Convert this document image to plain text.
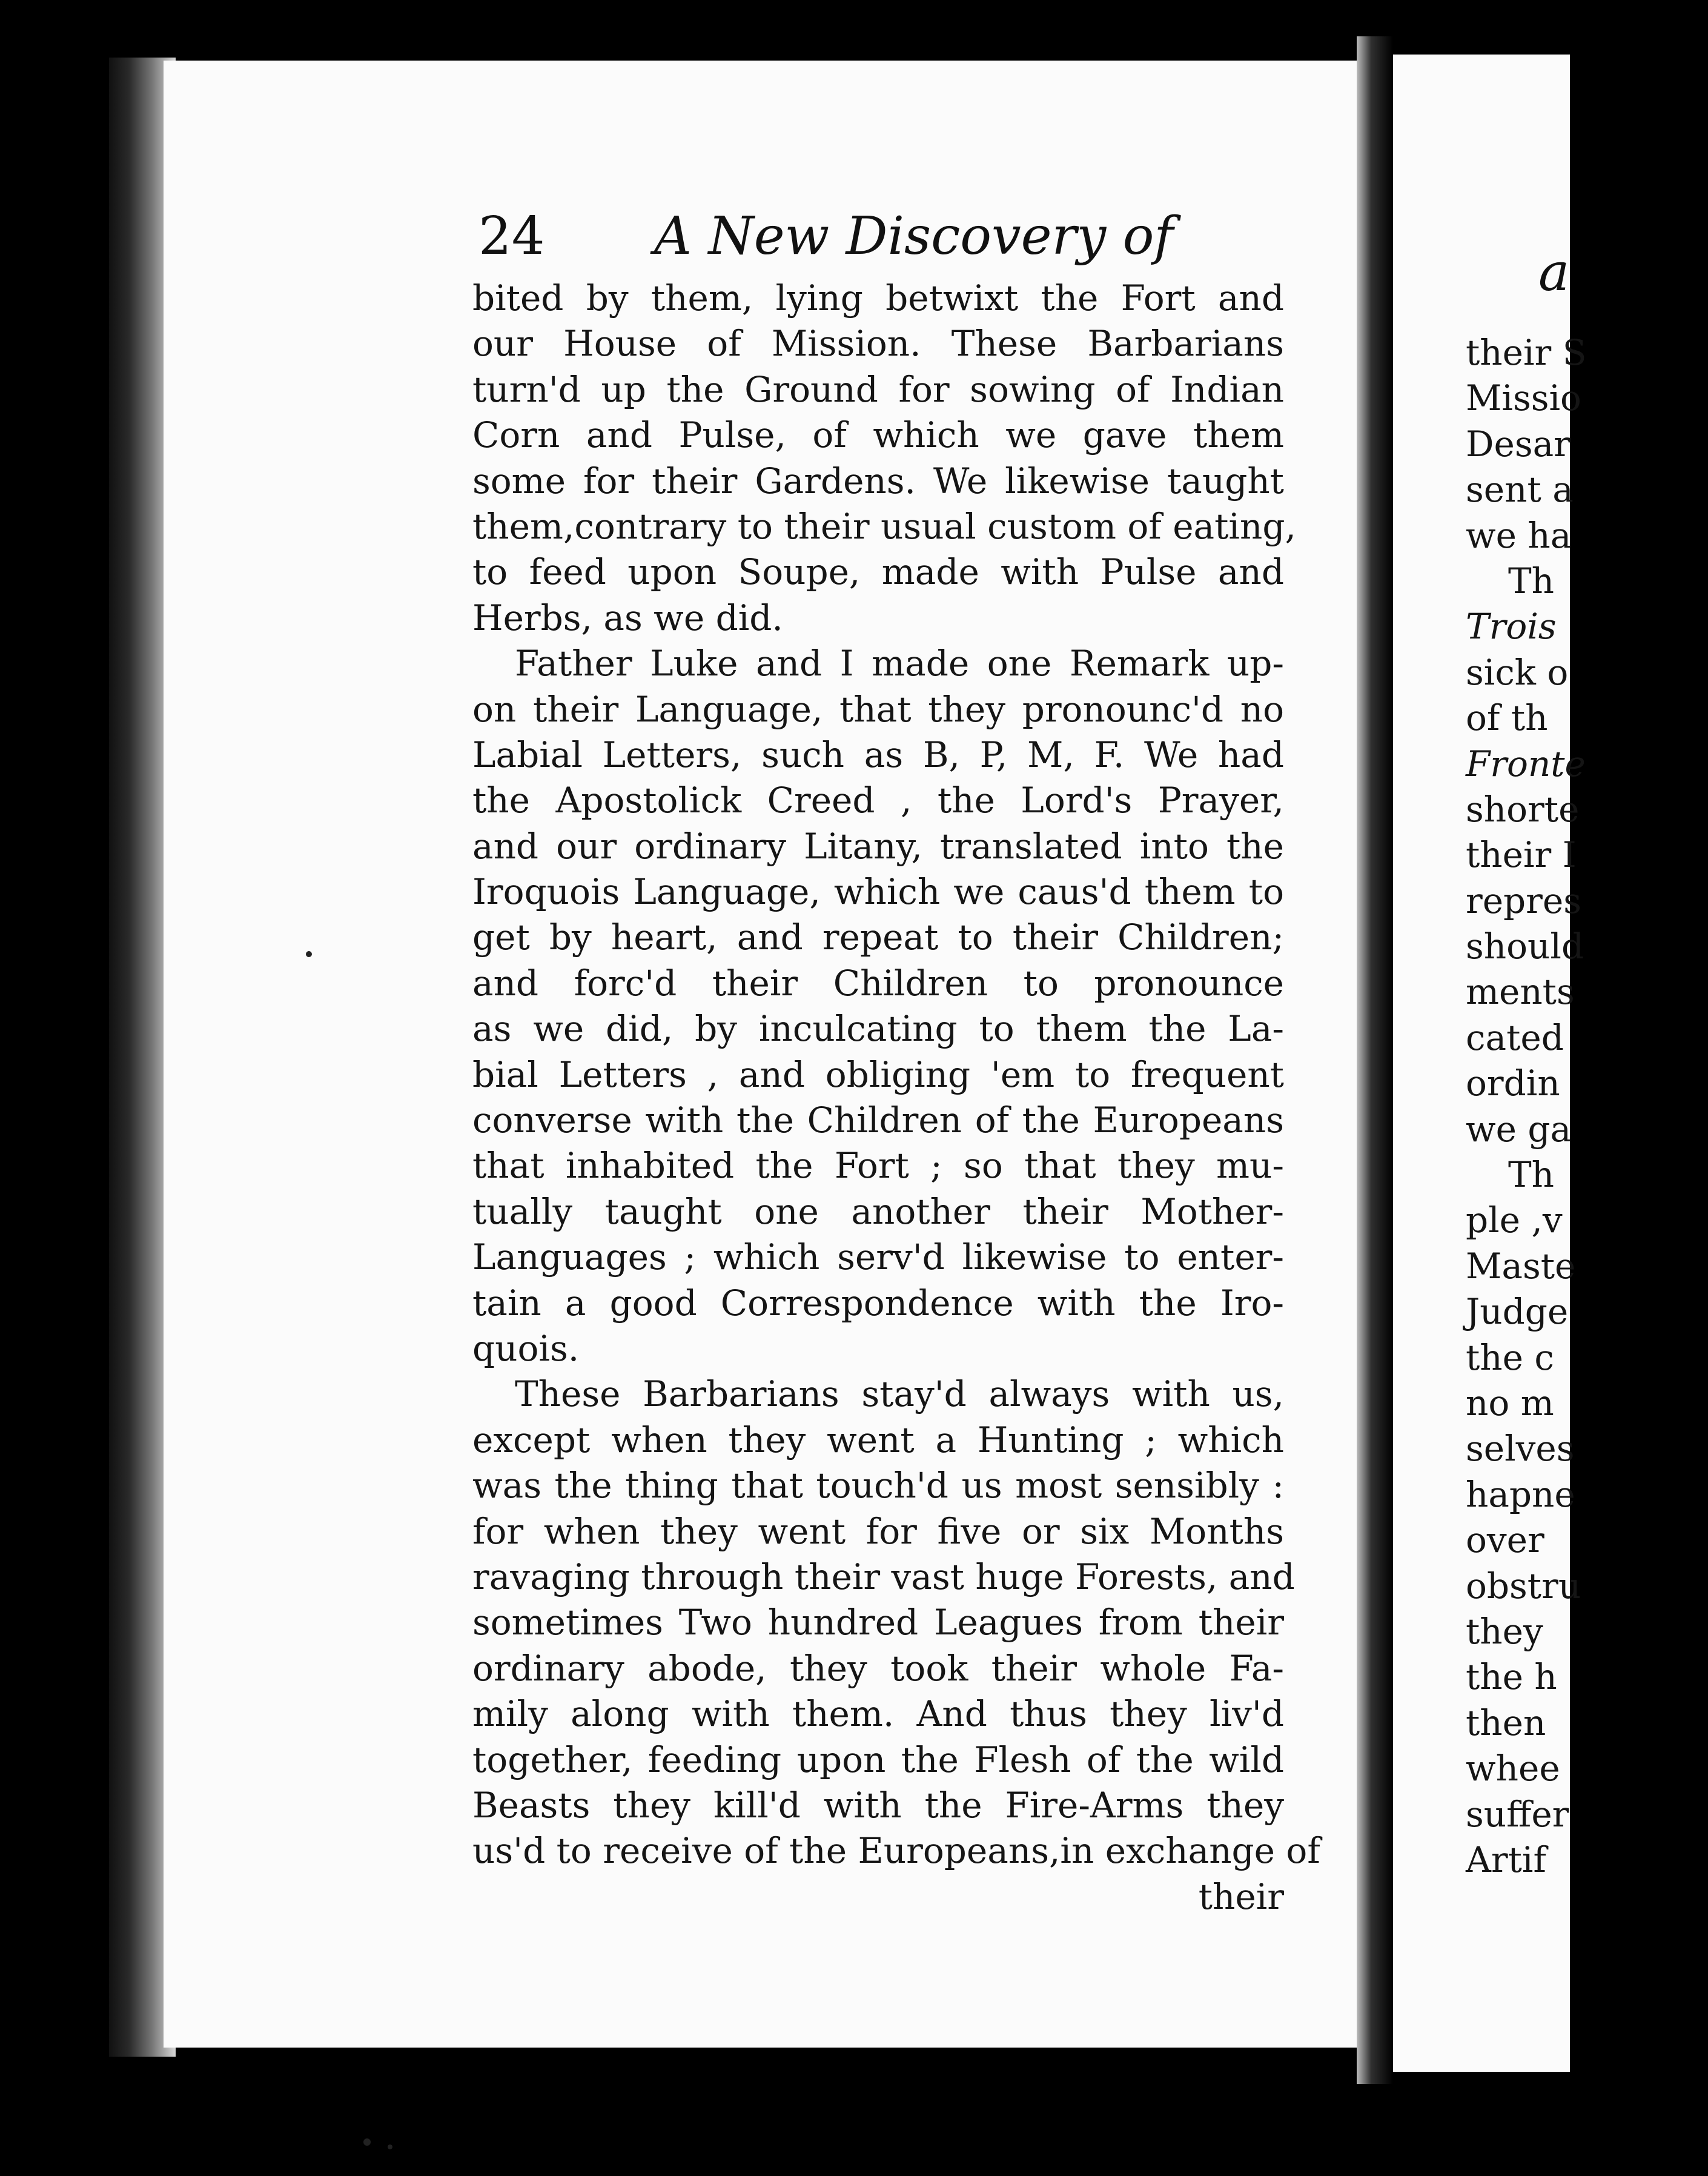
24 A New Discovery of
bited by them, lying betwixt the Fort and
our House of Mission. These Barbarians
turn'd up the Ground for sowing of Indian
Corn and Pulse, of which we gave them
some for their Gardens. We likewise taught
them,contrary to their usual custom of eating,
to feed upon Soupe, made with Pulse and
Herbs, as we did.
Father Luke and I made one Remark up-
on their Language, that they pronounc'd no
Labial Letters, such as B, P, M, F. We had
the Apostolick Creed , the Lord's Prayer,
and our ordinary Litany, translated into the
Iroquois Language, which we caus'd them to
get by heart, and repeat to their Children;
and forc'd their Children to pronounce
as we did, by inculcating to them the La-
bial Letters , and obliging 'em to frequent
converse with the Children of the Europeans
that inhabited the Fort ; so that they mu-
tually taught one another their Mother-
Languages ; which serv'd likewise to enter-
tain a good Correspondence with the Iro-
quois.
These Barbarians stay'd always with us,
except when they went a Hunting ; which
was the thing that touch'd us most sensibly :
for when they went for five or six Months
ravaging through their vast huge Forests, and
sometimes Two hundred Leagues from their
ordinary abode, they took their whole Fa-
mily along with them. And thus they liv'd
together, feeding upon the Flesh of the wild
Beasts they kill'd with the Fire-Arms they
us'd to receive of the Europeans,in exchange of
their
a
their S
Missio
Desar
sent a
we ha
Th
Trois
sick o
of th
Fronte
shorte
their I
repres
should
ments
cated
ordin
we ga
Th
ple ,v
Maste
Judge
the c
no m
selves
hapne
over
obstru
they
the h
then
whee
suffer
Artif
